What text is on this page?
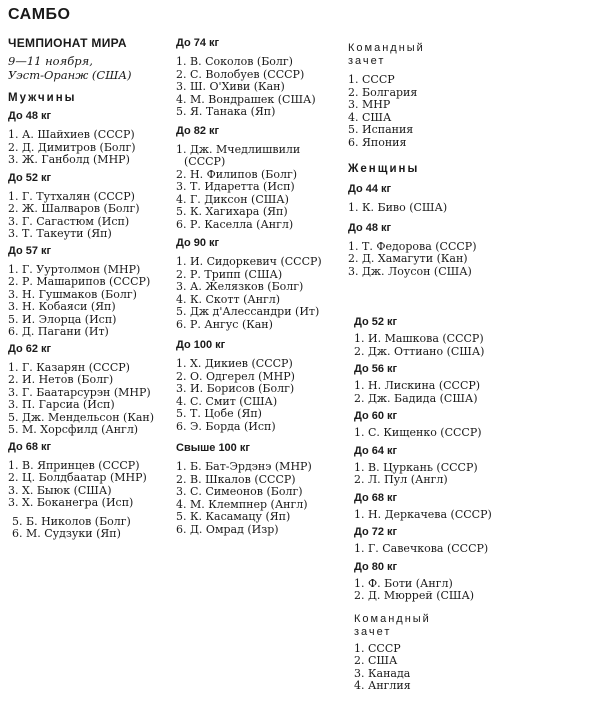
САМБО
ЧЕМПИОНАТ МИРА
9—11 ноября,
Уэст-Оранж (США)
Мужчины
До 48 кг
1. А. Шайхиев (СССР)
2. Д. Димитров (Болг)
3. Ж. Ганболд (МНР)
До 52 кг
1. Г. Тутхалян (СССР)
2. Ж. Шалваров (Болг)
3. Г. Сагастюм (Исп)
3. Т. Такеути (Яп)
До 57 кг
1. Г. Ууртолмон (МНР)
2. Р. Машарипов (СССР)
3. Н. Гушмаков (Болг)
3. Н. Кобаяси (Яп)
5. И. Элорца (Исп)
6. Д. Пагани (Ит)
До 62 кг
1. Г. Казарян (СССР)
2. И. Нетов (Болг)
3. Г. Баатарсурэн (МНР)
3. П. Гарсиа (Исп)
5. Дж. Мендельсон (Кан)
5. М. Хорсфилд (Англ)
До 68 кг
1. В. Япринцев (СССР)
2. Ц. Болдбаатар (МНР)
3. Х. Быюк (США)
3. Х. Боканегра (Исп)
5. Б. Николов (Болг)
6. М. Судзуки (Яп)
До 74 кг
1. В. Соколов (Болг)
2. С. Волобуев (СССР)
3. Ш. О'Хиви (Кан)
4. М. Вондрашек (США)
5. Я. Танака (Яп)
До 82 кг
1. Дж. Мчедлишвили
(СССР)
2. Н. Филипов (Болг)
3. Т. Идаретта (Исп)
4. Г. Диксон (США)
5. К. Хагихара (Яп)
6. Р. Каселла (Англ)
До 90 кг
1. И. Сидоркевич (СССР)
2. Р. Трипп (США)
3. А. Желязков (Болг)
4. К. Скотт (Англ)
5. Дж д'Алессандри (Ит)
6. Р. Ангус (Кан)
До 100 кг
1. Х. Дикиев (СССР)
2. О. Одгерел (МНР)
3. И. Борисов (Болг)
4. С. Смит (США)
5. Т. Цобе (Яп)
6. Э. Борда (Исп)
Свыше 100 кг
1. Б. Бат-Эрдэнэ (МНР)
2. В. Шкалов (СССР)
3. С. Симеонов (Болг)
4. М. Клемпнер (Англ)
5. К. Касамацу (Яп)
6. Д. Омрад (Изр)
Командный зачет
1. СССР
2. Болгария
3. МНР
4. США
5. Испания
6. Япония
Женщины
До 44 кг
1. К. Биво (США)
До 48 кг
1. Т. Федорова (СССР)
2. Д. Хамагути (Кан)
3. Дж. Лоусон (США)
До 52 кг
1. И. Машкова (СССР)
2. Дж. Оттиано (США)
До 56 кг
1. Н. Лискина (СССР)
2. Дж. Бадида (США)
До 60 кг
1. С. Кищенко (СССР)
До 64 кг
1. В. Цуркань (СССР)
2. Л. Пул (Англ)
До 68 кг
1. Н. Деркачева (СССР)
До 72 кг
1. Г. Савечкова (СССР)
До 80 кг
1. Ф. Боти (Англ)
2. Д. Мюррей (США)
Командный зачет
1. СССР
2. США
3. Канада
4. Англия
